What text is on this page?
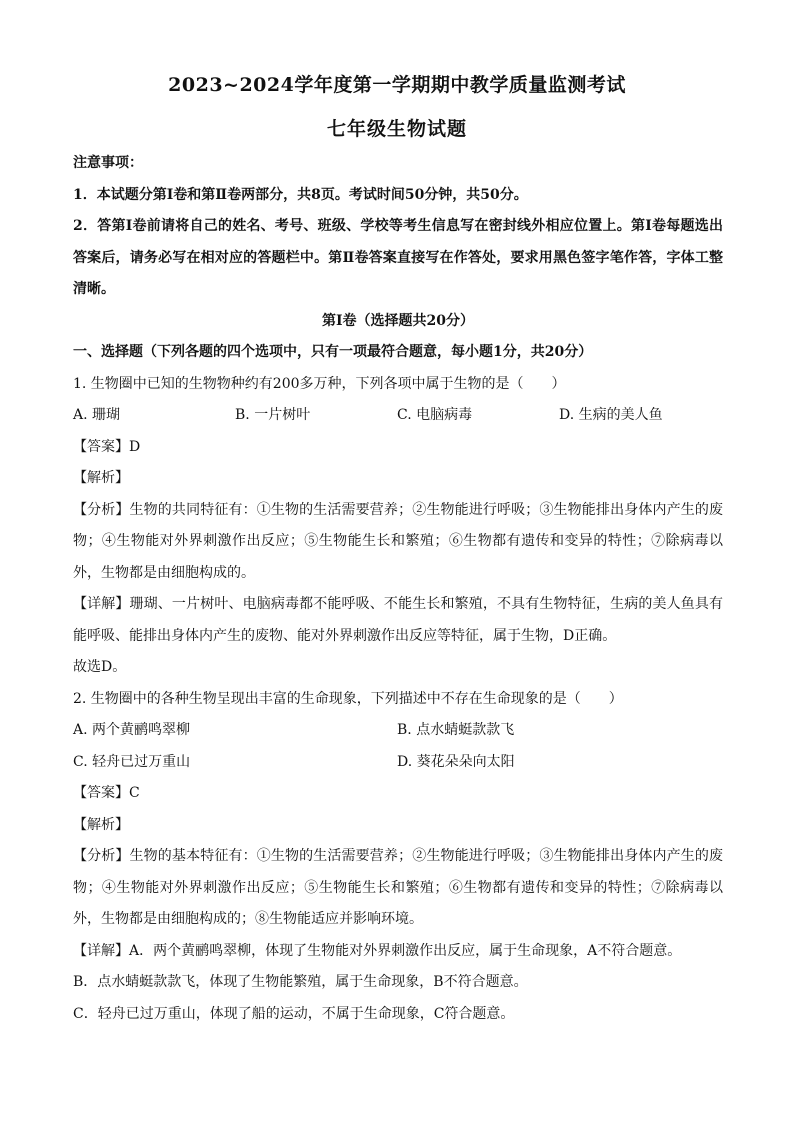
2023~2024学年度第一学期期中教学质量监测考试
七年级生物试题
注意事项：
1．本试题分第Ⅰ卷和第Ⅱ卷两部分，共8页。考试时间50分钟，共50分。
2．答第Ⅰ卷前请将自己的姓名、考号、班级、学校等考生信息写在密封线外相应位置上。第Ⅰ卷每题选出答案后，请务必写在相对应的答题栏中。第Ⅱ卷答案直接写在作答处，要求用黑色签字笔作答，字体工整清晰。
第Ⅰ卷（选择题共20分）
一、选择题（下列各题的四个选项中，只有一项最符合题意，每小题1分，共20分）
1. 生物圈中已知的生物物种约有200多万种，下列各项中属于生物的是（　　）
A. 珊瑚	B. 一片树叶	C. 电脑病毒	D. 生病的美人鱼
【答案】D
【解析】
【分析】生物的共同特征有：①生物的生活需要营养；②生物能进行呼吸；③生物能排出身体内产生的废物；④生物能对外界刺激作出反应；⑤生物能生长和繁殖；⑥生物都有遗传和变异的特性；⑦除病毒以外，生物都是由细胞构成的。
【详解】珊瑚、一片树叶、电脑病毒都不能呼吸、不能生长和繁殖，不具有生物特征，生病的美人鱼具有能呼吸、能排出身体内产生的废物、能对外界刺激作出反应等特征，属于生物，D正确。
故选D。
2. 生物圈中的各种生物呈现出丰富的生命现象，下列描述中不存在生命现象的是（　　）
A. 两个黄鹂鸣翠柳	B. 点水蜻蜓款款飞
C. 轻舟已过万重山	D. 葵花朵朵向太阳
【答案】C
【解析】
【分析】生物的基本特征有：①生物的生活需要营养；②生物能进行呼吸；③生物能排出身体内产生的废物；④生物能对外界刺激作出反应；⑤生物能生长和繁殖；⑥生物都有遗传和变异的特性；⑦除病毒以外，生物都是由细胞构成的；⑧生物能适应并影响环境。
【详解】A．两个黄鹂鸣翠柳，体现了生物能对外界刺激作出反应，属于生命现象，A不符合题意。
B．点水蜻蜓款款飞，体现了生物能繁殖，属于生命现象，B不符合题意。
C．轻舟已过万重山，体现了船的运动，不属于生命现象，C符合题意。
